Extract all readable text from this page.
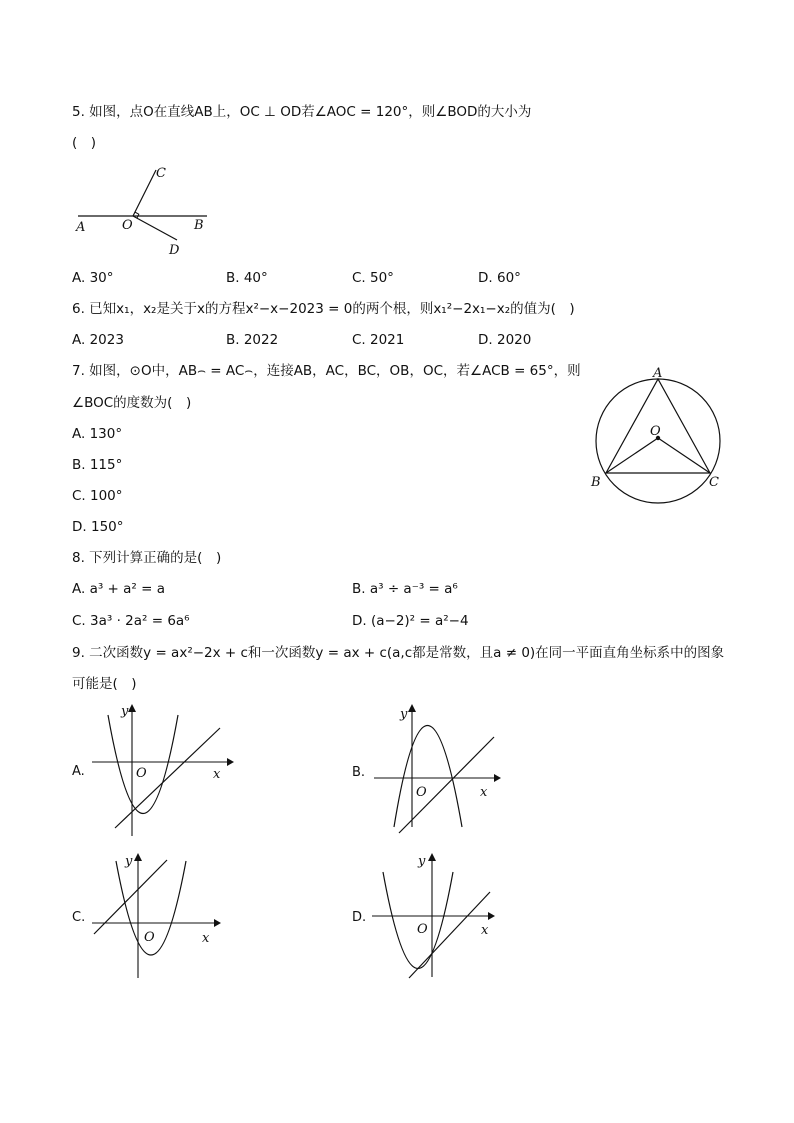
5. 如图，点O在直线AB上，OC ⊥ OD若∠AOC = 120°，则∠BOD的大小为
(　)
A	O	B
C
D
A. 30°	B. 40°	C. 50°	D. 60°
6. 已知x₁，x₂是关于x的方程x²−x−2023 = 0的两个根，则x₁²−2x₁−x₂的值为(　)
A. 2023	B. 2022	C. 2021	D. 2020
7. 如图，⊙O中，AB⌢ = AC⌢，连接AB，AC，BC，OB，OC，若∠ACB = 65°，则
∠BOC的度数为(　)
A. 130°
B. 115°
C. 100°
D. 150°
A
O
B	C
8. 下列计算正确的是(　)
A. a³ + a² = a	B. a³ ÷ a⁻³ = a⁶
C. 3a³ · 2a² = 6a⁶	D. (a−2)² = a²−4
9. 二次函数y = ax²−2x + c和一次函数y = ax + c(a,c都是常数，且a ≠ 0)在同一平面直角坐标系中的图象
可能是(　)
A.
y
O	x	B.
y
O	x
C.
y
O	x
D.
y
O	x
